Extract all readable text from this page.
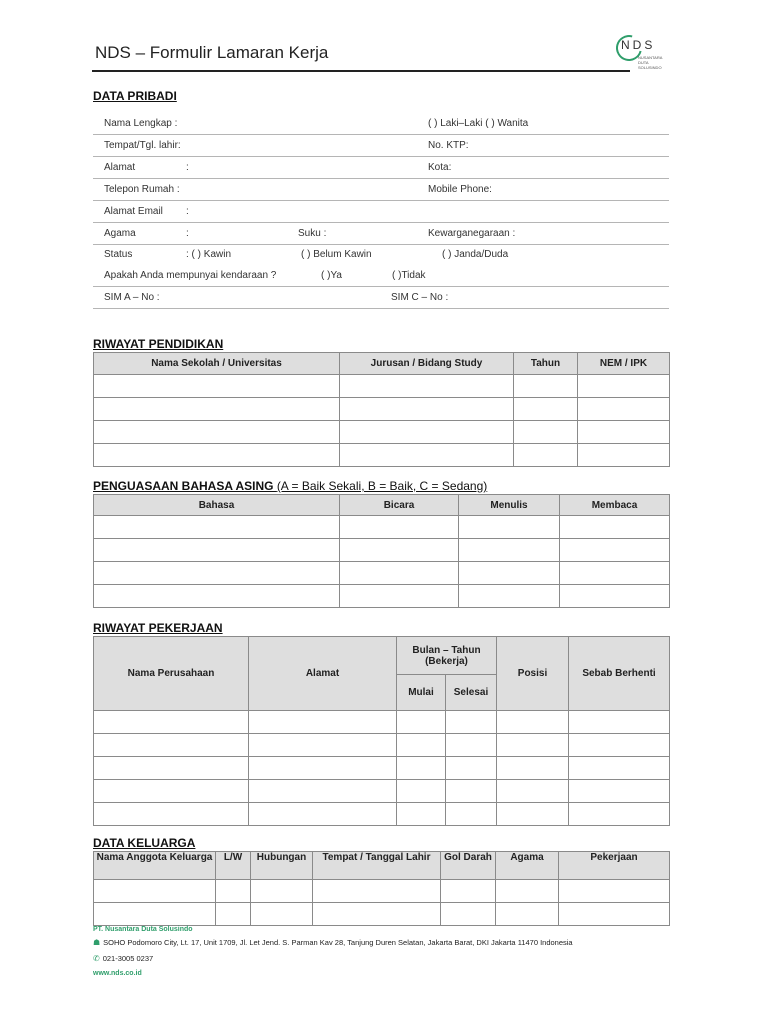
NDS – Formulir Lamaran Kerja	NDS
NUSANTARA
DUTA
SOLUSINDO
DATA PRIBADI
Nama Lengkap :	( ) Laki–Laki ( ) Wanita
Tempat/Tgl. lahir:	No. KTP:
Alamat	:	Kota:
Telepon Rumah :	Mobile Phone:
Alamat Email :
Agama	:	Suku :	Kewarganegaraan :
Status	: ( ) Kawin	( ) Belum Kawin	( ) Janda/Duda
Apakah Anda mempunyai kendaraan ?	( )Ya	( )Tidak
SIM A – No :	SIM C – No :
RIWAYAT PENDIDIKAN
Nama Sekolah / Universitas	Jurusan / Bidang Study	Tahun	NEM / IPK

PENGUASAAN BAHASA ASING (A = Baik Sekali, B = Baik, C = Sedang)
Bahasa	Bicara	Menulis	Membaca

RIWAYAT PEKERJAAN
Nama Perusahaan	Alamat	Bulan – Tahun (Bekerja)		Posisi	Sebab Berhenti
		Mulai	Selesai		

DATA KELUARGA
Nama Anggota Keluarga	L/W	Hubungan	Tempat / Tanggal Lahir	Gol Darah	Agama	Pekerjaan

PT. Nusantara Duta Solusindo
☗ SOHO Podomoro City, Lt. 17, Unit 1709, Jl. Let Jend. S. Parman Kav 28, Tanjung Duren Selatan, Jakarta Barat, DKI Jakarta 11470 Indonesia
✆ 021-3005 0237
www.nds.co.id
